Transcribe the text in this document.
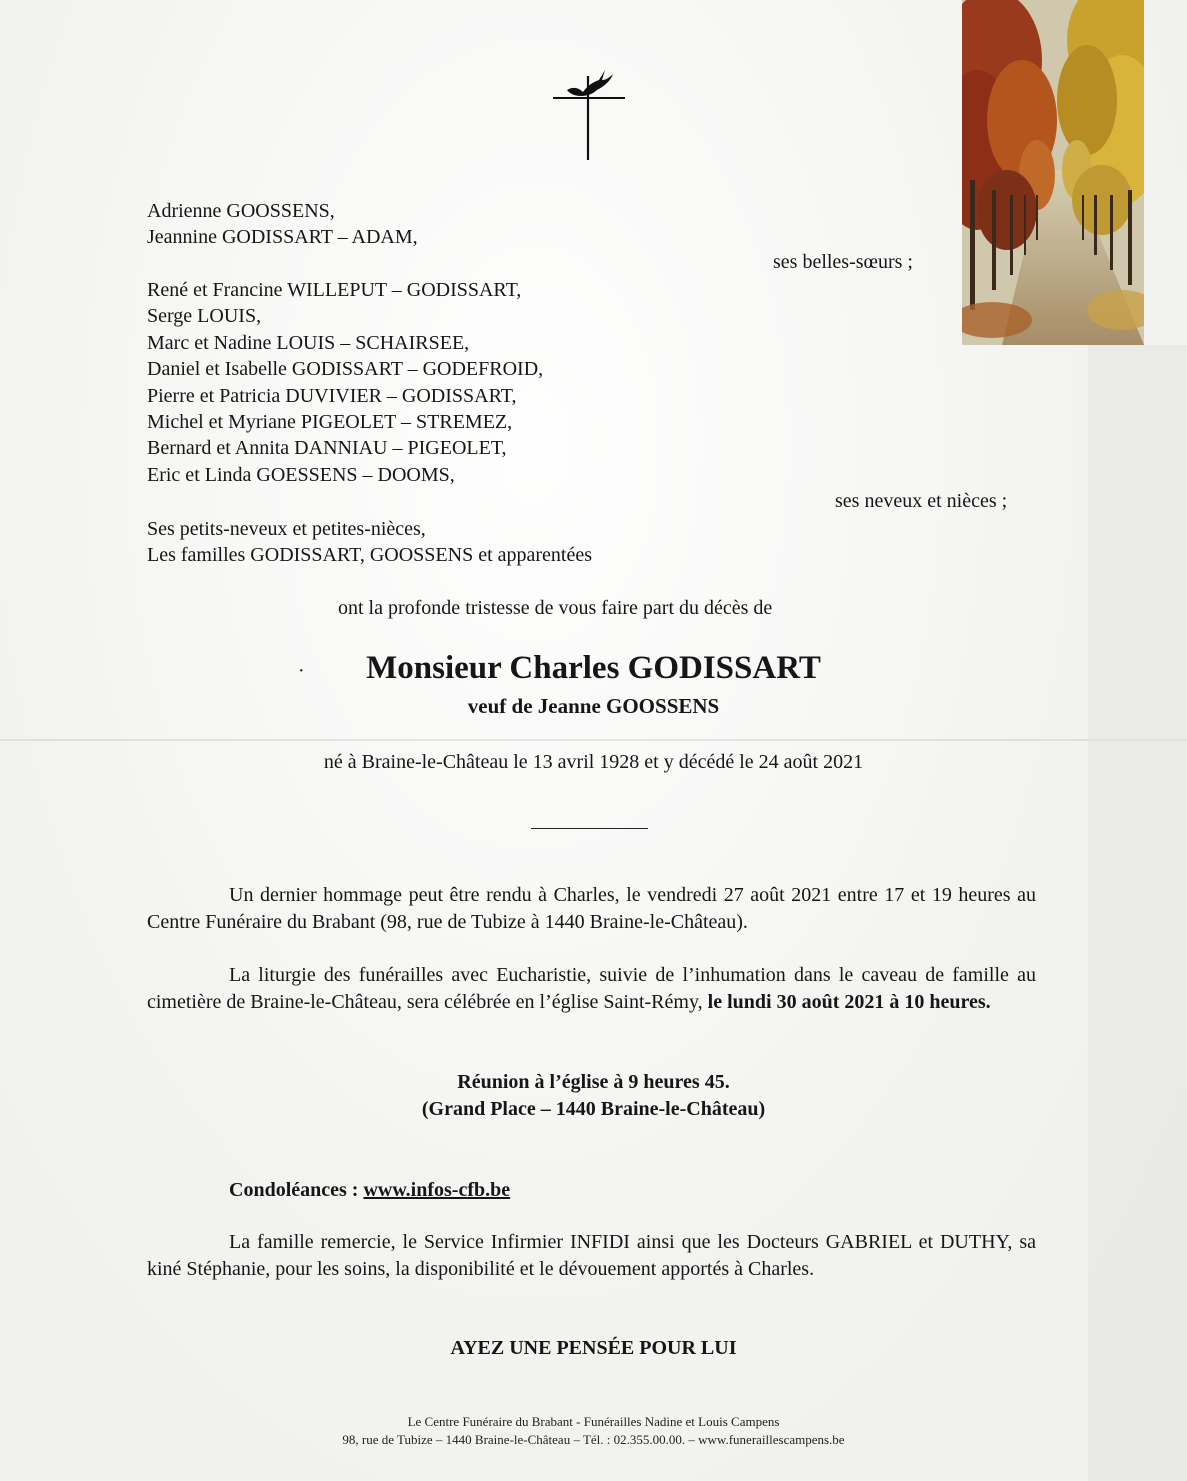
Adrienne GOOSSENS,
Jeannine GODISSART – ADAM,
ses belles-sœurs ;
René et Francine WILLEPUT – GODISSART,
Serge LOUIS,
Marc et Nadine LOUIS – SCHAIRSEE,
Daniel et Isabelle GODISSART – GODEFROID,
Pierre et Patricia DUVIVIER – GODISSART,
Michel et Myriane PIGEOLET – STREMEZ,
Bernard et Annita DANNIAU – PIGEOLET,
Eric et Linda GOESSENS – DOOMS,
ses neveux et nièces ;
Ses petits-neveux et petites-nièces,
Les familles GODISSART, GOOSSENS et apparentées
ont la profonde tristesse de vous faire part du décès de
·	Monsieur Charles GODISSART
veuf de Jeanne GOOSSENS
né à Braine-le-Château le 13 avril 1928 et y décédé le 24 août 2021
Un dernier hommage peut être rendu à Charles, le vendredi 27 août 2021 entre 17 et 19 heures au Centre Funéraire du Brabant (98, rue de Tubize à 1440 Braine-le-Château).
La liturgie des funérailles avec Eucharistie, suivie de l’inhumation dans le caveau de famille au cimetière de Braine-le-Château, sera célébrée en l’église Saint-Rémy, le lundi 30 août 2021 à 10 heures.
Réunion à l’église à 9 heures 45.
(Grand Place – 1440 Braine-le-Château)
Condoléances : www.infos-cfb.be
La famille remercie, le Service Infirmier INFIDI ainsi que les Docteurs GABRIEL et DUTHY, sa kiné Stéphanie, pour les soins, la disponibilité et le dévouement apportés à Charles.
AYEZ UNE PENSÉE POUR LUI
Le Centre Funéraire du Brabant - Funérailles Nadine et Louis Campens
98, rue de Tubize – 1440 Braine-le-Château – Tél. : 02.355.00.00. – www.funeraillescampens.be
